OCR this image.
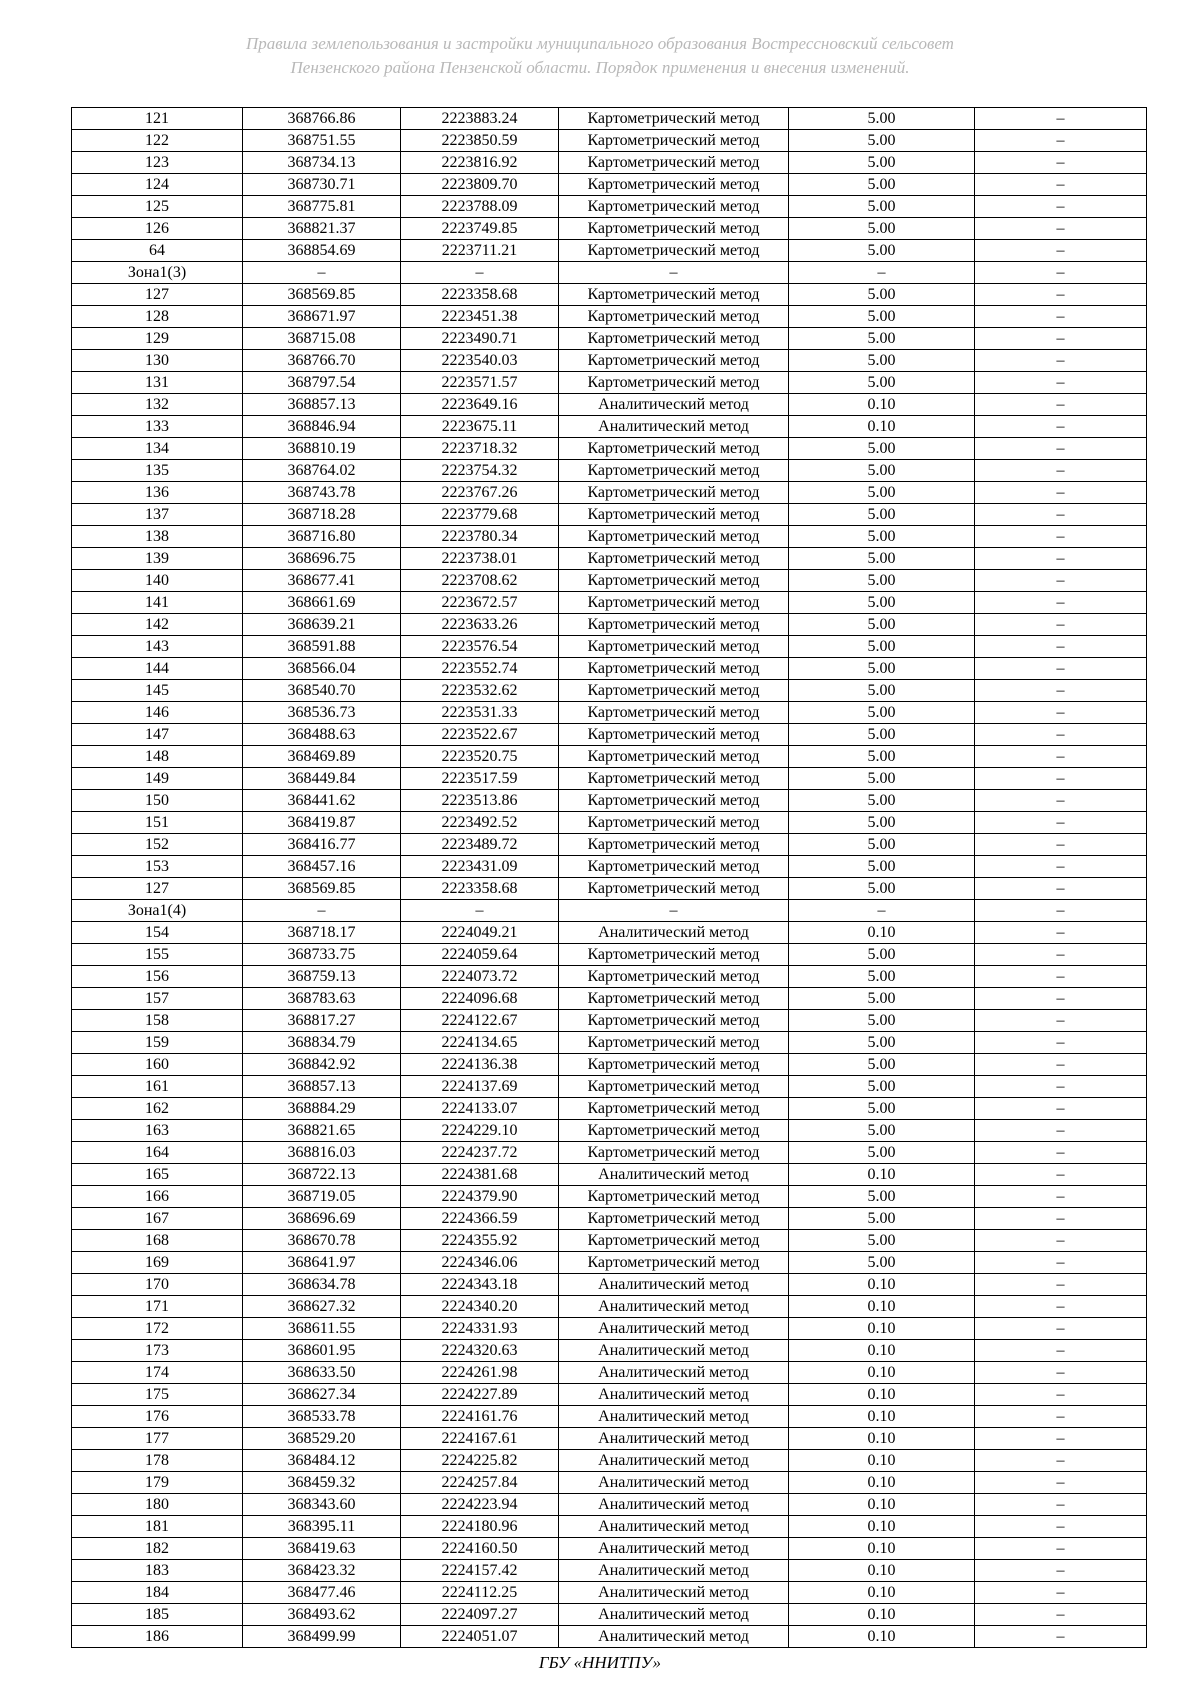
Правила землепользования и застройки муниципального образования Вострессновский сельсовет
Пензенского района Пензенской области. Порядок применения и внесения изменений.
121	368766.86	2223883.24	Картометрический метод	5.00	–
122	368751.55	2223850.59	Картометрический метод	5.00	–
123	368734.13	2223816.92	Картометрический метод	5.00	–
124	368730.71	2223809.70	Картометрический метод	5.00	–
125	368775.81	2223788.09	Картометрический метод	5.00	–
126	368821.37	2223749.85	Картометрический метод	5.00	–
64	368854.69	2223711.21	Картометрический метод	5.00	–
Зона1(3)	–	–	–	–	–
127	368569.85	2223358.68	Картометрический метод	5.00	–
128	368671.97	2223451.38	Картометрический метод	5.00	–
129	368715.08	2223490.71	Картометрический метод	5.00	–
130	368766.70	2223540.03	Картометрический метод	5.00	–
131	368797.54	2223571.57	Картометрический метод	5.00	–
132	368857.13	2223649.16	Аналитический метод	0.10	–
133	368846.94	2223675.11	Аналитический метод	0.10	–
134	368810.19	2223718.32	Картометрический метод	5.00	–
135	368764.02	2223754.32	Картометрический метод	5.00	–
136	368743.78	2223767.26	Картометрический метод	5.00	–
137	368718.28	2223779.68	Картометрический метод	5.00	–
138	368716.80	2223780.34	Картометрический метод	5.00	–
139	368696.75	2223738.01	Картометрический метод	5.00	–
140	368677.41	2223708.62	Картометрический метод	5.00	–
141	368661.69	2223672.57	Картометрический метод	5.00	–
142	368639.21	2223633.26	Картометрический метод	5.00	–
143	368591.88	2223576.54	Картометрический метод	5.00	–
144	368566.04	2223552.74	Картометрический метод	5.00	–
145	368540.70	2223532.62	Картометрический метод	5.00	–
146	368536.73	2223531.33	Картометрический метод	5.00	–
147	368488.63	2223522.67	Картометрический метод	5.00	–
148	368469.89	2223520.75	Картометрический метод	5.00	–
149	368449.84	2223517.59	Картометрический метод	5.00	–
150	368441.62	2223513.86	Картометрический метод	5.00	–
151	368419.87	2223492.52	Картометрический метод	5.00	–
152	368416.77	2223489.72	Картометрический метод	5.00	–
153	368457.16	2223431.09	Картометрический метод	5.00	–
127	368569.85	2223358.68	Картометрический метод	5.00	–
Зона1(4)	–	–	–	–	–
154	368718.17	2224049.21	Аналитический метод	0.10	–
155	368733.75	2224059.64	Картометрический метод	5.00	–
156	368759.13	2224073.72	Картометрический метод	5.00	–
157	368783.63	2224096.68	Картометрический метод	5.00	–
158	368817.27	2224122.67	Картометрический метод	5.00	–
159	368834.79	2224134.65	Картометрический метод	5.00	–
160	368842.92	2224136.38	Картометрический метод	5.00	–
161	368857.13	2224137.69	Картометрический метод	5.00	–
162	368884.29	2224133.07	Картометрический метод	5.00	–
163	368821.65	2224229.10	Картометрический метод	5.00	–
164	368816.03	2224237.72	Картометрический метод	5.00	–
165	368722.13	2224381.68	Аналитический метод	0.10	–
166	368719.05	2224379.90	Картометрический метод	5.00	–
167	368696.69	2224366.59	Картометрический метод	5.00	–
168	368670.78	2224355.92	Картометрический метод	5.00	–
169	368641.97	2224346.06	Картометрический метод	5.00	–
170	368634.78	2224343.18	Аналитический метод	0.10	–
171	368627.32	2224340.20	Аналитический метод	0.10	–
172	368611.55	2224331.93	Аналитический метод	0.10	–
173	368601.95	2224320.63	Аналитический метод	0.10	–
174	368633.50	2224261.98	Аналитический метод	0.10	–
175	368627.34	2224227.89	Аналитический метод	0.10	–
176	368533.78	2224161.76	Аналитический метод	0.10	–
177	368529.20	2224167.61	Аналитический метод	0.10	–
178	368484.12	2224225.82	Аналитический метод	0.10	–
179	368459.32	2224257.84	Аналитический метод	0.10	–
180	368343.60	2224223.94	Аналитический метод	0.10	–
181	368395.11	2224180.96	Аналитический метод	0.10	–
182	368419.63	2224160.50	Аналитический метод	0.10	–
183	368423.32	2224157.42	Аналитический метод	0.10	–
184	368477.46	2224112.25	Аналитический метод	0.10	–
185	368493.62	2224097.27	Аналитический метод	0.10	–
186	368499.99	2224051.07	Аналитический метод	0.10	–
ГБУ «ННИТПУ»
